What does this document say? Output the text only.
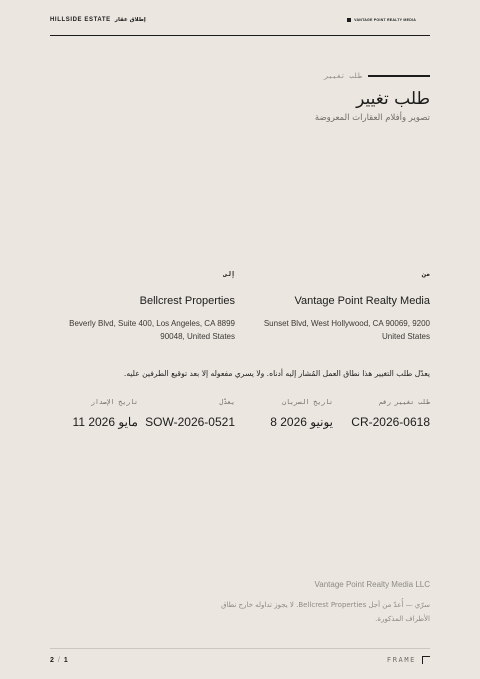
HILLSIDE ESTATE إطلاق عقار	VANTAGE POINT REALTY MEDIA
طلب تغيير
طلب تغيير
تصوير وأفلام العقارات المعروضة
من
Vantage Point Realty Media
Sunset Blvd, West Hollywood, CA 90069, 9200 United States
إلى
Bellcrest Properties
Beverly Blvd, Suite 400, Los Angeles, CA 8899 90048, United States
يعدّل طلب التغيير هذا نطاق العمل المُشار إليه أدناه. ولا يسري مفعوله إلا بعد توقيع الطرفين عليه.
طلب تغيير رقم
CR-2026-0618
تاريخ السريان
8 يونيو 2026
يعدّل
SOW-2026-0521
تاريخ الإصدار
11 مايو 2026
Vantage Point Realty Media LLC
سرّي — أُعدّ من أجل Bellcrest Properties. لا يجوز تداوله خارج نطاق الأطراف المذكورة.
2 / 1	FRAME
